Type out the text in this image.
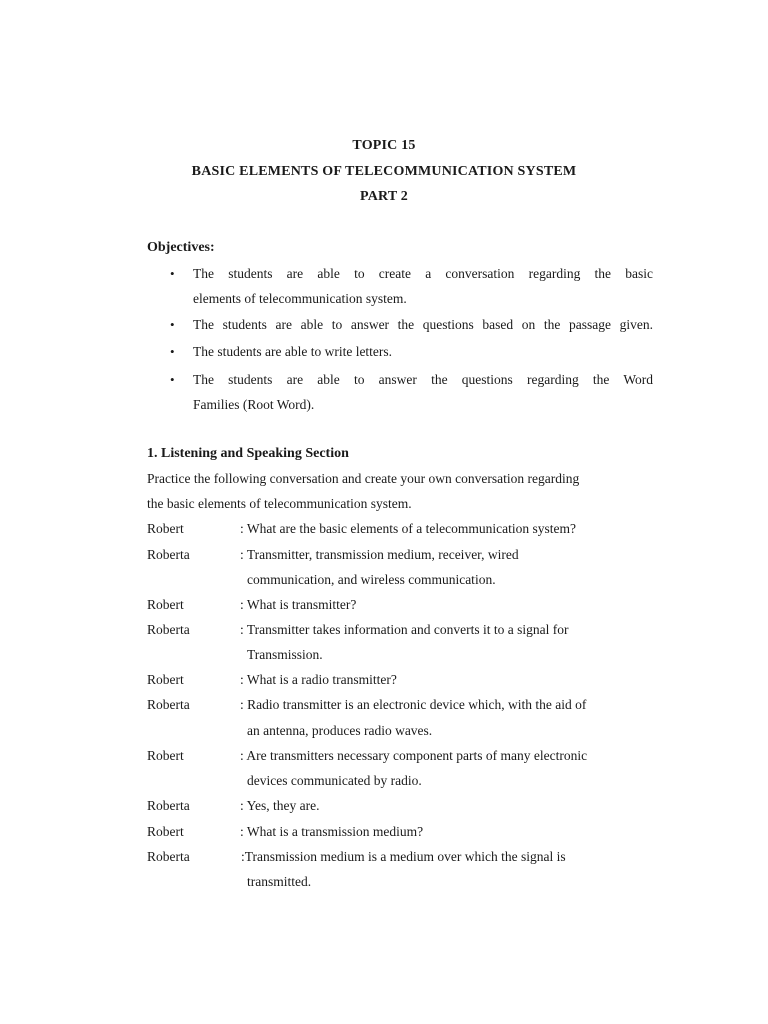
TOPIC 15
BASIC ELEMENTS OF TELECOMMUNICATION SYSTEM
PART 2
Objectives:
• The students are able to create a conversation regarding the basic
elements of telecommunication system.
• The students are able to answer the questions based on the passage given.
• The students are able to write letters.
• The students are able to answer the questions regarding the Word
Families (Root Word).
1. Listening and Speaking Section
Practice the following conversation and create your own conversation regarding
the basic elements of telecommunication system.
Robert	: What are the basic elements of a telecommunication system?
Roberta	: Transmitter, transmission medium, receiver, wired
communication, and wireless communication.
Robert	: What is transmitter?
Roberta	: Transmitter takes information and converts it to a signal for
Transmission.
Robert	: What is a radio transmitter?
Roberta	: Radio transmitter is an electronic device which, with the aid of
an antenna, produces radio waves.
Robert	: Are transmitters necessary component parts of many electronic
devices communicated by radio.
Roberta	: Yes, they are.
Robert	: What is a transmission medium?
Roberta	:Transmission medium is a medium over which the signal is
transmitted.
